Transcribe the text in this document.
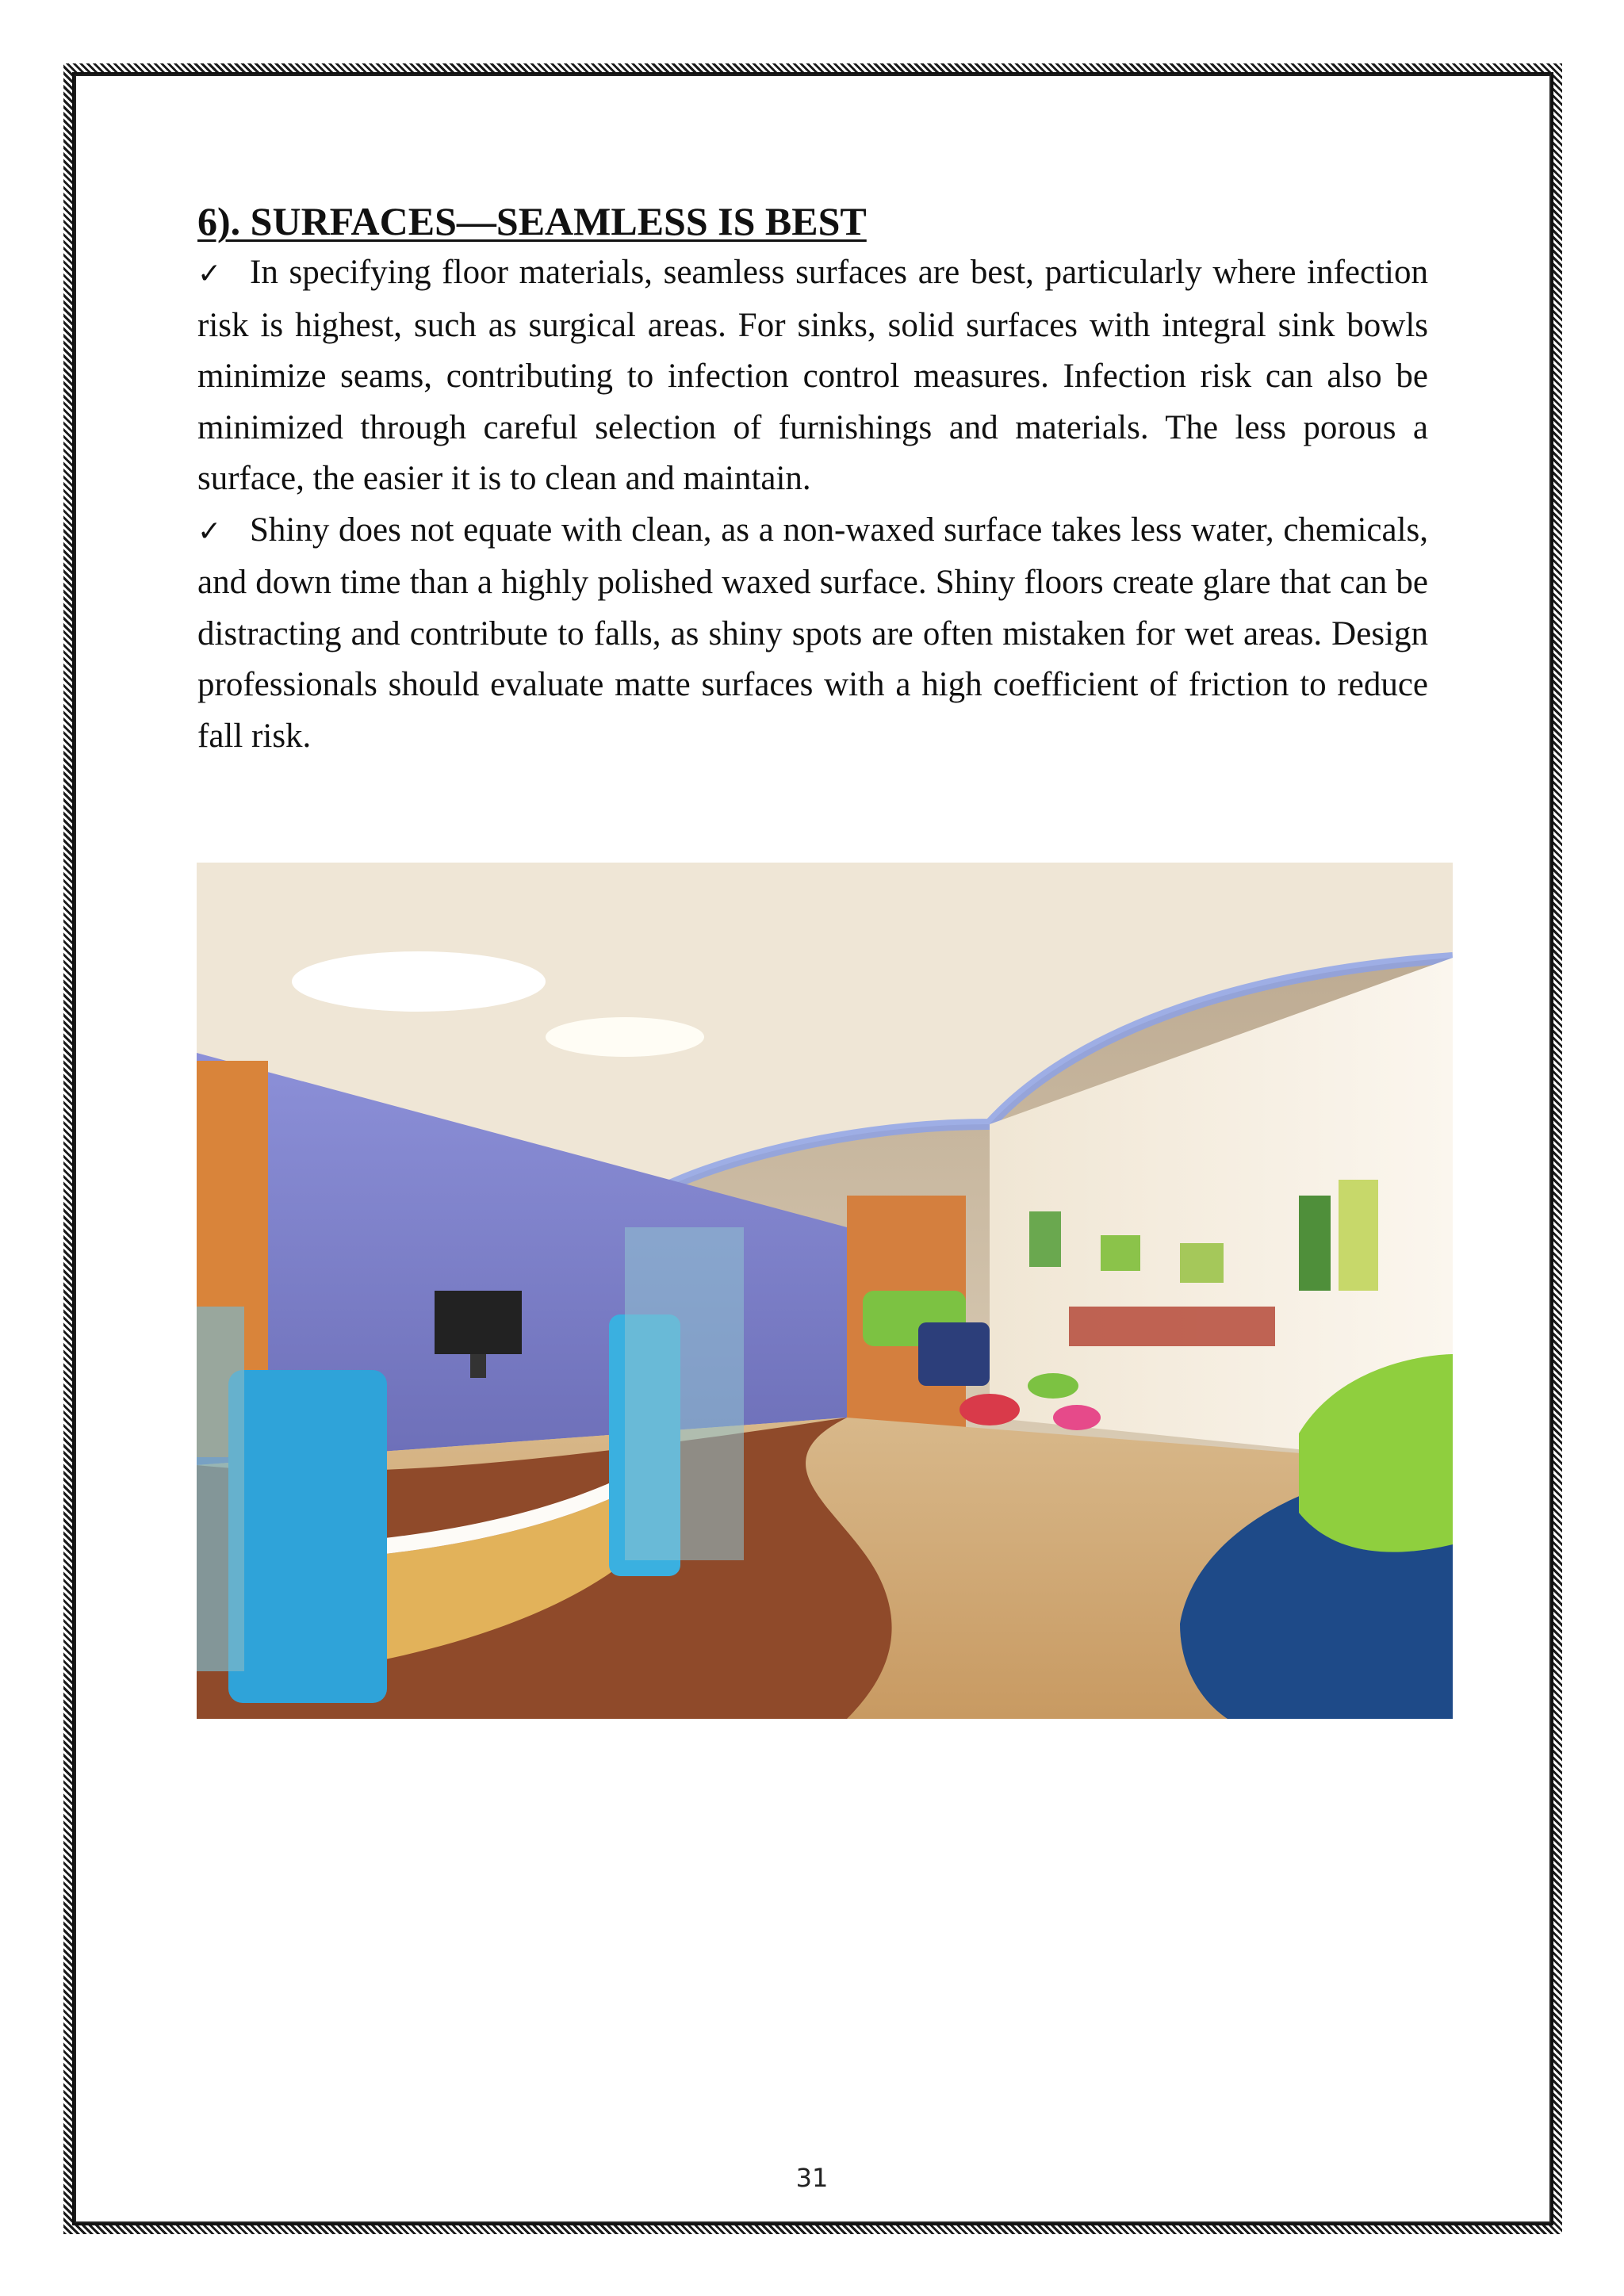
6). SURFACES—SEAMLESS IS BEST

✓ In specifying floor materials, seamless surfaces are best, particularly where infection risk is highest, such as surgical areas. For sinks, solid surfaces with integral sink bowls minimize seams, contributing to infection control measures. Infection risk can also be minimized through careful selection of furnishings and materials. The less porous a surface, the easier it is to clean and maintain.

✓ Shiny does not equate with clean, as a non-waxed surface takes less water, chemicals, and down time than a highly polished waxed surface. Shiny floors create glare that can be distracting and contribute to falls, as shiny spots are often mistaken for wet areas. Design professionals should evaluate matte surfaces with a high coefficient of friction to reduce fall risk.

31
